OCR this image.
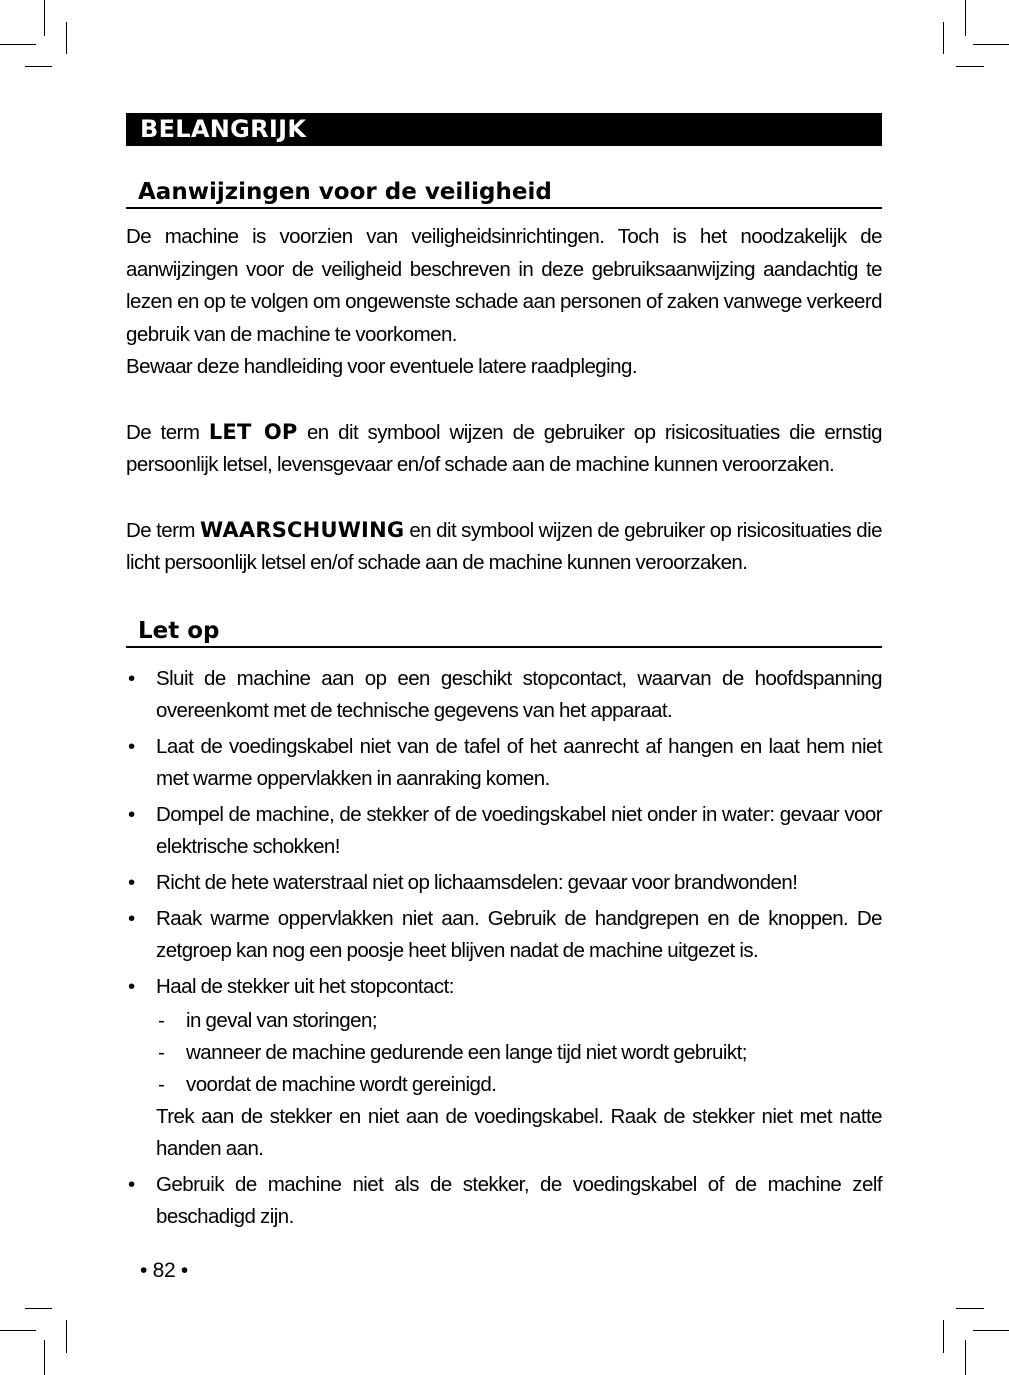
BELANGRIJK
Aanwijzingen voor de veiligheid

De machine is voorzien van veiligheidsinrichtingen. Toch is het noodzakelijk de aanwijzingen voor de veiligheid beschreven in deze gebruiksaanwijzing aandachtig te lezen en op te volgen om ongewenste schade aan personen of zaken vanwege verkeerd gebruik van de machine te voorkomen.
Bewaar deze handleiding voor eventuele latere raadpleging.

De term LET OP en dit symbool wijzen de gebruiker op risicosituaties die ernstig persoonlijk letsel, levensgevaar en/of schade aan de machine kunnen veroorzaken.

De term WAARSCHUWING en dit symbool wijzen de gebruiker op risicosituaties die licht persoonlijk letsel en/of schade aan de machine kunnen veroorzaken.

Let op
• Sluit de machine aan op een geschikt stopcontact, waarvan de hoofdspanning overeenkomt met de technische gegevens van het apparaat.
• Laat de voedingskabel niet van de tafel of het aanrecht af hangen en laat hem niet met warme oppervlakken in aanraking komen.
• Dompel de machine, de stekker of de voedingskabel niet onder in water: gevaar voor elektrische schokken!
• Richt de hete waterstraal niet op lichaamsdelen: gevaar voor brandwonden!
• Raak warme oppervlakken niet aan. Gebruik de handgrepen en de knoppen. De zetgroep kan nog een poosje heet blijven nadat de machine uitgezet is.
• Haal de stekker uit het stopcontact:
- in geval van storingen;
- wanneer de machine gedurende een lange tijd niet wordt gebruikt;
- voordat de machine wordt gereinigd.
Trek aan de stekker en niet aan de voedingskabel. Raak de stekker niet met natte handen aan.
• Gebruik de machine niet als de stekker, de voedingskabel of de machine zelf beschadigd zijn.
• 82 •
